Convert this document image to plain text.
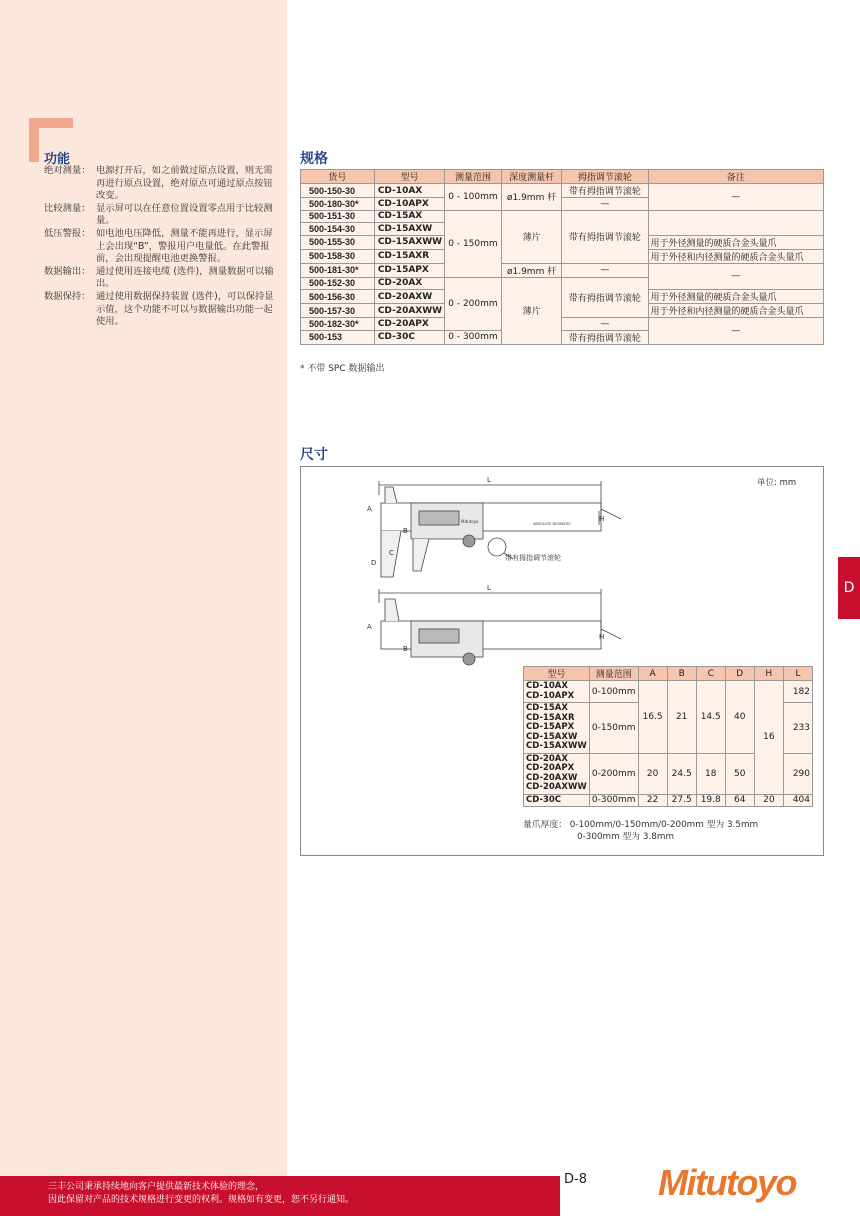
功能
绝对测量： 电源打开后，如之前做过原点设置，则无需再进行原点设置，绝对原点可通过原点按钮改变。
比较测量： 显示屏可以在任意位置设置零点用于比较测量。
低压警报： 如电池电压降低，测量不能再进行，显示屏上会出现“B”，警报用户电量低。在此警报前，会出现提醒电池更换警报。
数据输出： 通过使用连接电缆 (选件)，测量数据可以输出。
数据保持： 通过使用数据保持装置 (选件)，可以保持显示值，这个功能不可以与数据输出功能一起使用。
规格
货号	型号	测量范围	深度测量杆	拇指调节滚轮	备注
500-150-30	CD-10AX	0 - 100mm	ø1.9mm 杆	带有拇指调节滚轮	—
500-180-30*	CD-10APX			—	
500-151-30	CD-15AX	0 - 150mm	薄片	带有拇指调节滚轮	
500-154-30	CD-15AXW				
500-155-30	CD-15AXWW				用于外径测量的硬质合金头量爪
500-158-30	CD-15AXR				用于外径和内径测量的硬质合金头量爪
500-181-30*	CD-15APX		ø1.9mm 杆	—	—
500-152-30	CD-20AX	0 - 200mm	薄片	带有拇指调节滚轮	
500-156-30	CD-20AXW				用于外径测量的硬质合金头量爪
500-157-30	CD-20AXWW				用于外径和内径测量的硬质合金头量爪
500-182-30*	CD-20APX			—	—
500-153	CD-30C	0 - 300mm		带有拇指调节滚轮	
* 不带 SPC 数据输出
尺寸
单位: mm
L
L
A
A
B
B
C
D
H
H
带有拇指调节滚轮
Mitutoyo	ABSOLUTE DIGIMATIC
型号	测量范围	A	B	C	D	H	L

CD-10AX
CD-10APX	0-100mm	16.5	21	14.5	40	16	182

CD-15AX
CD-15AXR
CD-15APX
CD-15AXW
CD-15AXWW	0-150mm						233

CD-20AX
CD-20APX
CD-20AXW
CD-20AXWW	0-200mm	20	24.5	18	50		290

CD-30C	0-300mm	22	27.5	19.8	64	20	404
量爪厚度： 0-100mm/0-150mm/0-200mm 型为 3.5mm
0-300mm 型为 3.8mm
D
三丰公司秉承持续地向客户提供最新技术体验的理念，
因此保留对产品的技术规格进行变更的权利。规格如有变更，恕不另行通知。
D-8 Mitutoyo
